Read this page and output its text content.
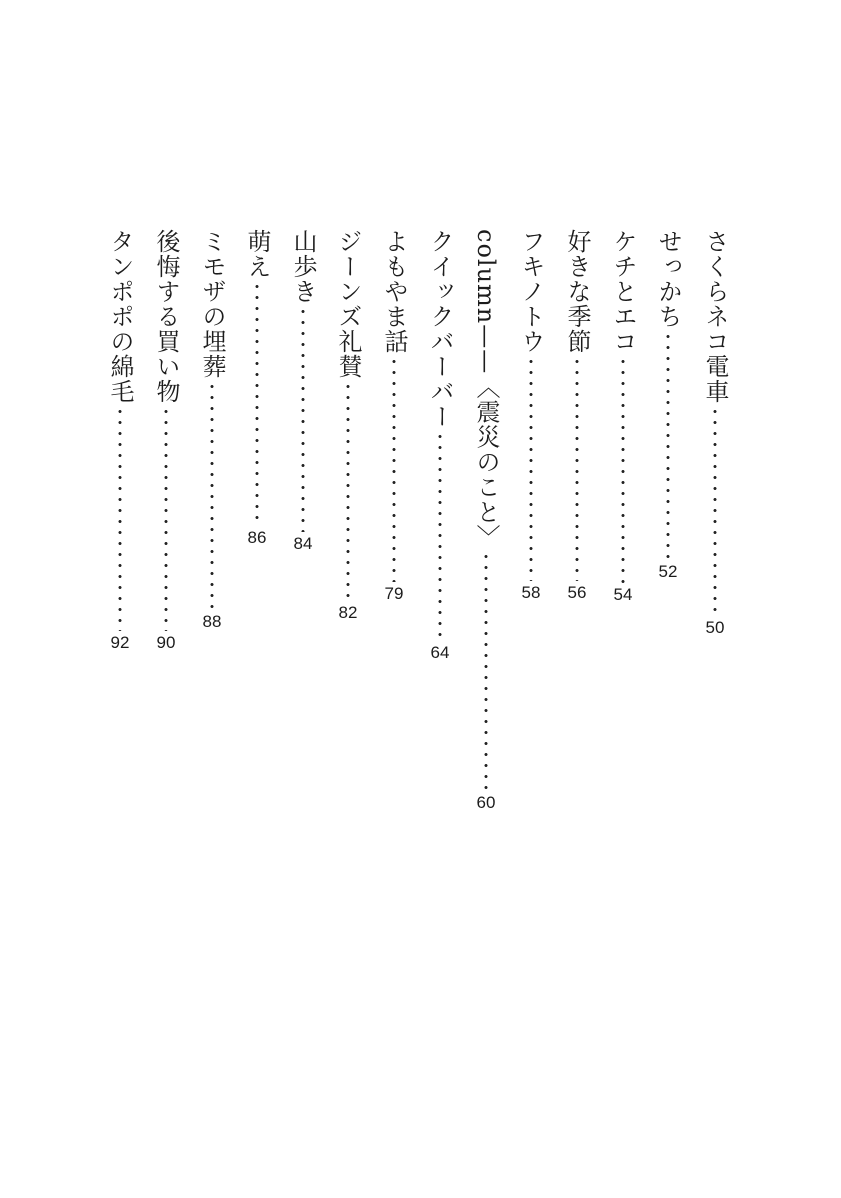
さくらネコ電車
50
せっかち
52
ケチとエコ
54
好きな季節
56
フキノトウ
58
column——〈震災のこと〉
60
クイックバーバー
64
よもやま話
79
ジーンズ礼賛
82
山歩き
84
萌え
86
ミモザの埋葬
88
後悔する買い物
90
タンポポの綿毛
92
